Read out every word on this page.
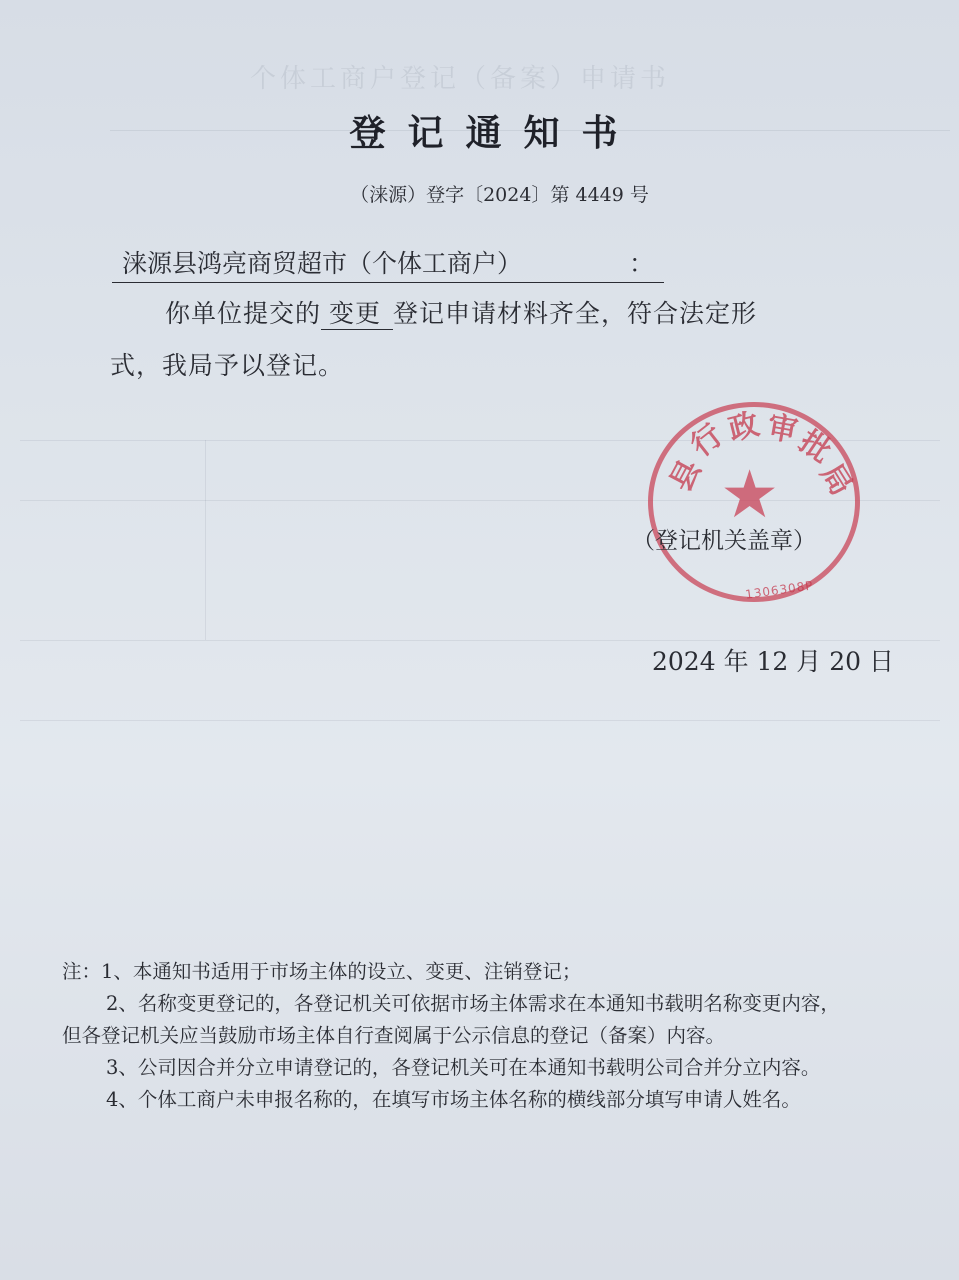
个体工商户登记（备案）申请书
登记通知书
（涞源）登字〔2024〕第 4449 号
涞源县鸿亮商贸超市（个体工商户）	：
你单位提交的 变更 登记申请材料齐全，符合法定形
式，我局予以登记。
县
行
政 审
批
局
★
1306308P
（登记机关盖章）
2024 年 12 月 20 日
注：1、本通知书适用于市场主体的设立、变更、注销登记；
2、名称变更登记的，各登记机关可依据市场主体需求在本通知书载明名称变更内容，
但各登记机关应当鼓励市场主体自行查阅属于公示信息的登记（备案）内容。
3、公司因合并分立申请登记的，各登记机关可在本通知书载明公司合并分立内容。
4、个体工商户未申报名称的，在填写市场主体名称的横线部分填写申请人姓名。
